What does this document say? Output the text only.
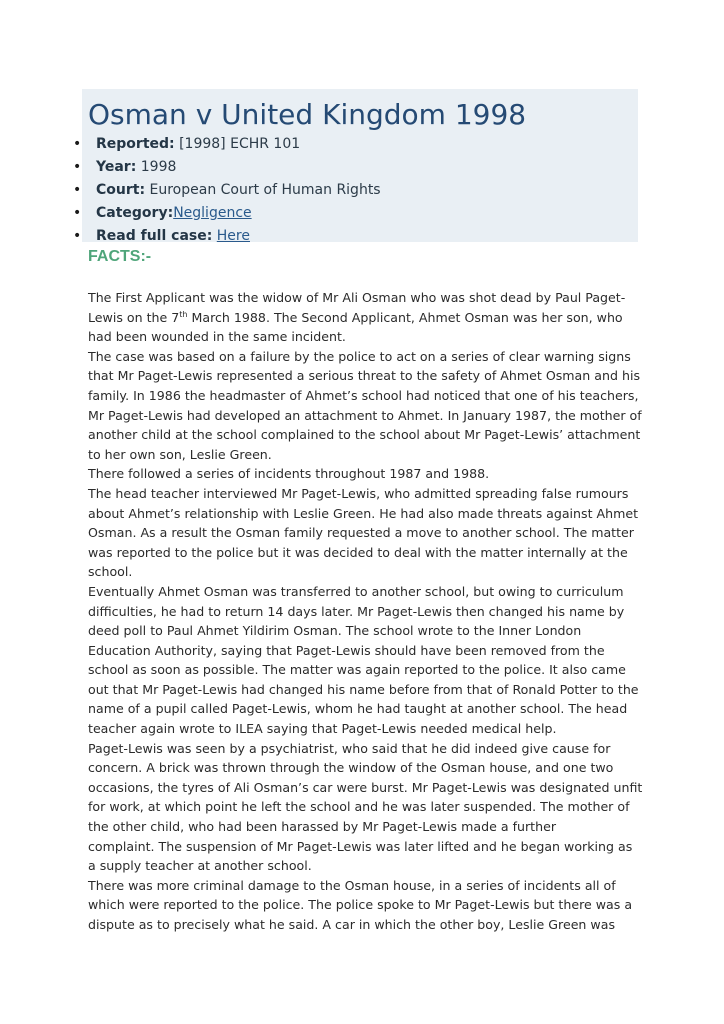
Osman v United Kingdom 1998
• Reported: [1998] ECHR 101
• Year: 1998
• Court: European Court of Human Rights
• Category:Negligence
• Read full case: Here
FACTS:-

The First Applicant was the widow of Mr Ali Osman who was shot dead by Paul Paget-

Lewis on the 7th March 1988. The Second Applicant, Ahmet Osman was her son, who

had been wounded in the same incident.

The case was based on a failure by the police to act on a series of clear warning signs

that Mr Paget-Lewis represented a serious threat to the safety of Ahmet Osman and his

family. In 1986 the headmaster of Ahmet’s school had noticed that one of his teachers,

Mr Paget-Lewis had developed an attachment to Ahmet. In January 1987, the mother of

another child at the school complained to the school about Mr Paget-Lewis’ attachment

to her own son, Leslie Green.

There followed a series of incidents throughout 1987 and 1988.

The head teacher interviewed Mr Paget-Lewis, who admitted spreading false rumours

about Ahmet’s relationship with Leslie Green. He had also made threats against Ahmet

Osman. As a result the Osman family requested a move to another school. The matter

was reported to the police but it was decided to deal with the matter internally at the

school.

Eventually Ahmet Osman was transferred to another school, but owing to curriculum

difficulties, he had to return 14 days later. Mr Paget-Lewis then changed his name by

deed poll to Paul Ahmet Yildirim Osman. The school wrote to the Inner London

Education Authority, saying that Paget-Lewis should have been removed from the

school as soon as possible. The matter was again reported to the police. It also came

out that Mr Paget-Lewis had changed his name before from that of Ronald Potter to the

name of a pupil called Paget-Lewis, whom he had taught at another school. The head

teacher again wrote to ILEA saying that Paget-Lewis needed medical help.

Paget-Lewis was seen by a psychiatrist, who said that he did indeed give cause for

concern. A brick was thrown through the window of the Osman house, and one two

occasions, the tyres of Ali Osman’s car were burst. Mr Paget-Lewis was designated unfit

for work, at which point he left the school and he was later suspended. The mother of

the other child, who had been harassed by Mr Paget-Lewis made a further

complaint. The suspension of Mr Paget-Lewis was later lifted and he began working as

a supply teacher at another school.

There was more criminal damage to the Osman house, in a series of incidents all of

which were reported to the police. The police spoke to Mr Paget-Lewis but there was a

dispute as to precisely what he said. A car in which the other boy, Leslie Green was
